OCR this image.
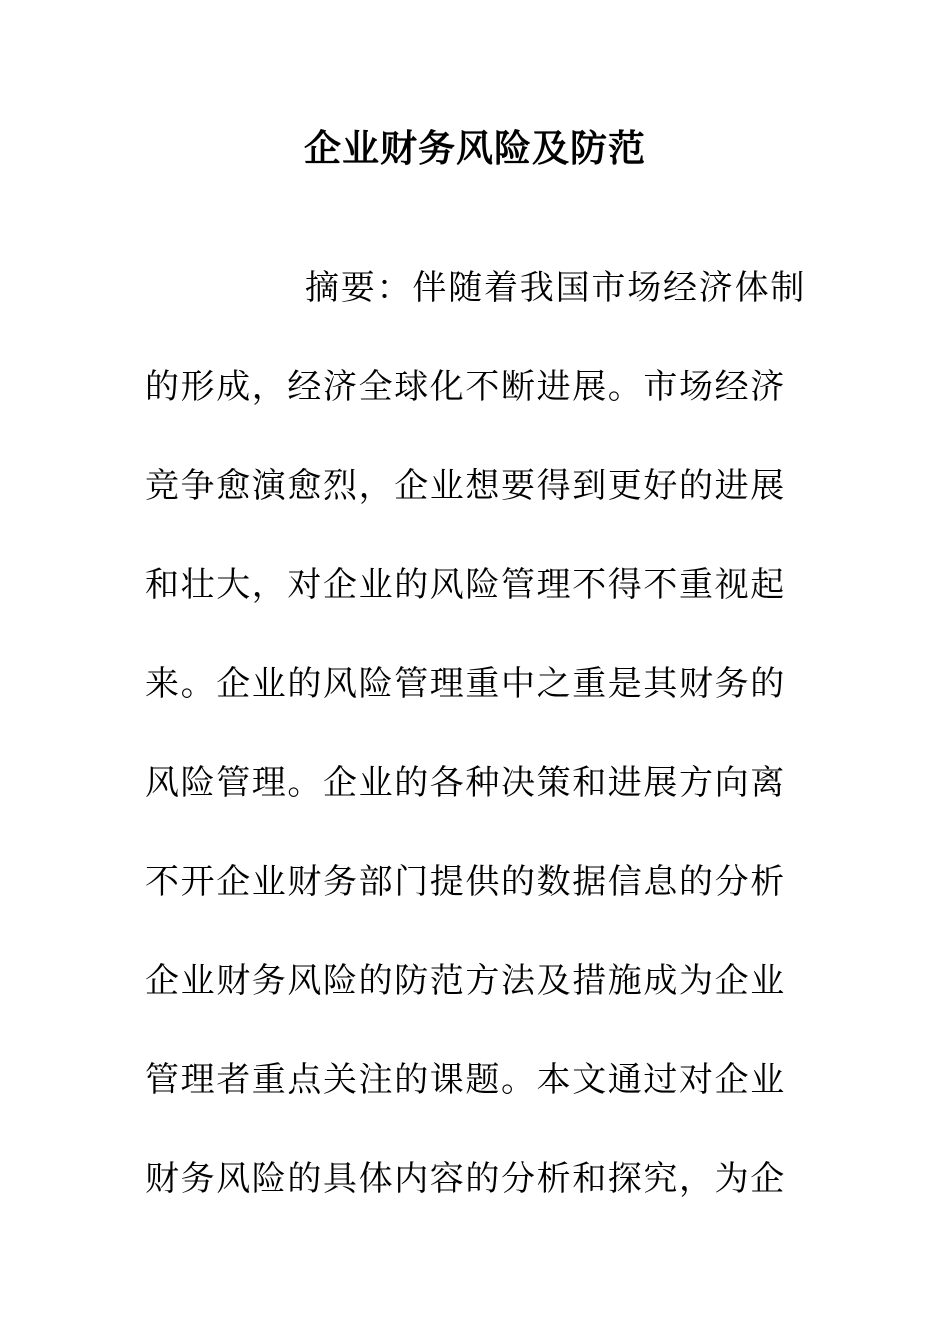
企业财务风险及防范
摘要：伴随着我国市场经济体制
的形成，经济全球化不断进展。市场经济
竞争愈演愈烈，企业想要得到更好的进展
和壮大，对企业的风险管理不得不重视起
来。企业的风险管理重中之重是其财务的
风险管理。企业的各种决策和进展方向离
不开企业财务部门提供的数据信息的分析
企业财务风险的防范方法及措施成为企业
管理者重点关注的课题。本文通过对企业
财务风险的具体内容的分析和探究，为企
